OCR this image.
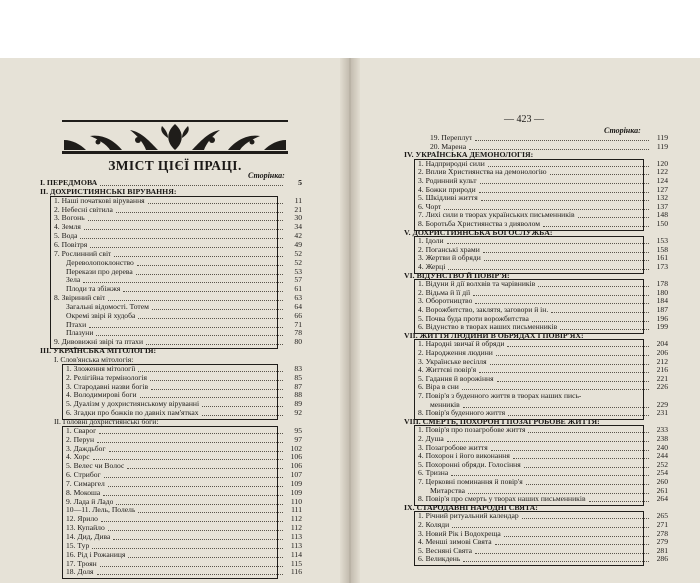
ЗМІСТ ЦІЄЇ ПРАЦІ.
Сторінка:
І. ПЕРЕДМОВА	5
ІІ. ДОХРИСТИЯНСЬКІ ВІРУВАННЯ:
1. Наші початкові вірування	11
2. Небесні світила	21
3. Вогонь	30
4. Земля	34
5. Вода	42
6. Повітря	49
7. Рослинний світ	52
Дереволопоклонство	52
Перекази про дерева	53
Зела	57
Плоди та збіжжя	61
8. Звіриний світ	63
Загальні відомості. Тотем	64
Окремі звірі й худоба	66
Птахи	71
Плазуни	78
9. Дивовижні звірі та птахи	80
ІІІ. УКРАЇНСЬКА МІТОЛОГІЯ:
І. Слов'янська мітологія:
1. Зложення мітології	83
2. Релігійна термінологія	85
3. Стародавні назви богів	87
4. Володимирові боги	88
5. Дуалізм у дохристиянському віруванні	89
6. Згадки про божків по давніх пам'ятках	92
ІІ. Головні дохристиянські боги:
1. Сварог	95
2. Перун	97
3. Даждьбог	102
4. Хорс	106
5. Велес чи Волос	106
6. Стрибог	107
7. Симаргел	109
8. Мокоша	109
9. Лада й Ладо	110
10—11. Лель, Полель	111
12. Ярило	112
13. Купайло	112
14. Дид, Дива	113
15. Тур	113
16. Рід і Рожаниця	114
17. Троян	115
18. Доля	116
— 423 —
Сторінка:
19. Переплут	119
20. Марена	119
IV. УКРАЇНСЬКА ДЕМОНОЛОГІЯ:
1. Надприродні сили	120
2. Вплив Християнства на демонологію	122
3. Родинний культ	124
4. Божки природи	127
5. Шкідливі життя	132
6. Чорт	137
7. Лихі сили в творах українських письменників	148
8. Боротьба Християнства з дияволом	150
V. ДОХРИСТИЯНСЬКА БОГОСЛУЖБА:
1. Ідоли	153
2. Поганські храми	158
3. Жертви й обряди	161
4. Жерці	173
VI. ВІДУНСТВО Й ПОВІР'Я:
1. Відуни й дії волхвів та чарівників	178
2. Відьма й її дії	180
3. Оборотництво	184
4. Ворожбитство, заклятя, заговори й ін.	187
5. Почва буда проти ворожбитства	196
6. Відунство в творах наших письменників	199
VII. ЖИТТЯ ЛЮДИНИ В ОБРЯДАХ І ПОВІР'ЯХ:
1. Народні звичаї й обряди	204
2. Народження людини	206
3. Українське весілля	212
4. Життєві повір'я	216
5. Гадання й ворожіння	221
6. Віра в сни	226
7. Повір'я з буденного життя в творах наших пись-
менників	229
8. Повір'я буденного життя	231
VIII. СМЕРТЬ, ПОХОРОН І ПОЗАГРОБОВЕ ЖИТТЯ:
1. Повір'я про позагробове життя	233
2. Душа	238
3. Позагробове життя	240
4. Похорон і його виконання	244
5. Похоронні обряди. Голосіння	252
6. Тризна	254
7. Церковні поминання й повір'я	260
Митарства	261
8. Повір'я про смерть у творах наших письменників	264
IX. СТАРОДАВНІ НАРОДНІ СВЯТА:
1. Річний ритуальний календар	265
2. Коляди	271
3. Новий Рік і Водохреща	278
4. Менші зимові Свята	279
5. Весняні Свята	281
6. Великдень	286
